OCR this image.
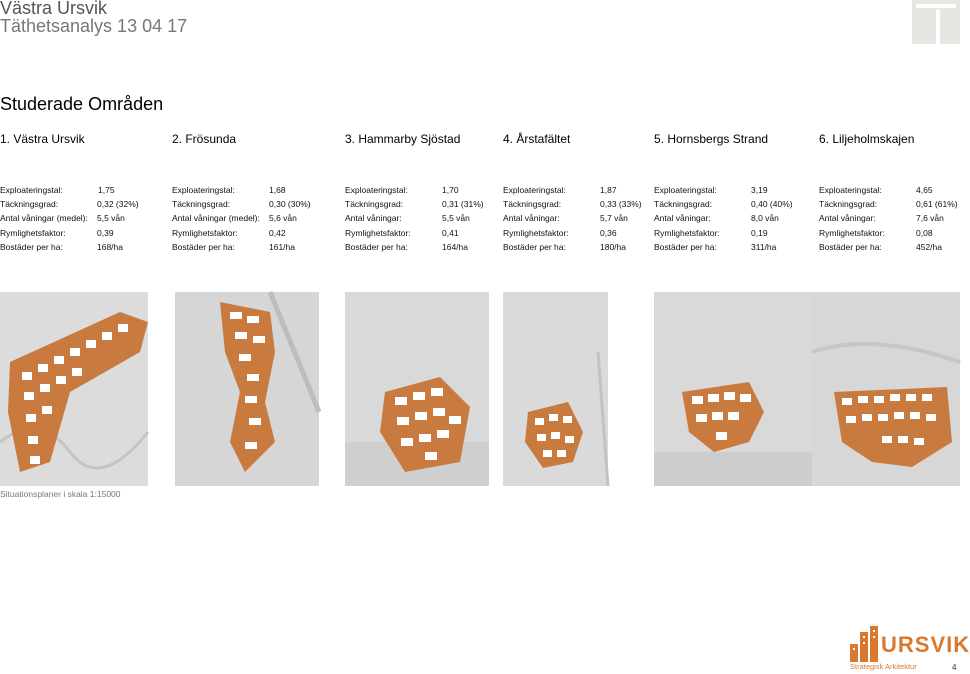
Västra Ursvik
Täthetsanalys 13 04 17
Studerade Områden
1. Västra Ursvik	2. Frösunda	3. Hammarby Sjöstad	4. Årstafältet	5. Hornsbergs Strand	6. Liljeholmskajen
Exploateringstal:	1,75
Täckningsgrad:	0,32 (32%)
Antal våningar (medel):	5,5 vån
Rymlighetsfaktor:	0,39
Bostäder per ha:	168/ha
Exploateringstal:	1,68
Täckningsgrad:	0,30 (30%)
Antal våningar (medel):	5,6 vån
Rymlighetsfaktor:	0,42
Bostäder per ha:	161/ha
Exploateringstal:	1,70
Täckningsgrad:	0,31 (31%)
Antal våningar:	5,5 vån
Rymlighetsfaktor:	0,41
Bostäder per ha:	164/ha
Exploateringstal:	1,87
Täckningsgrad:	0,33 (33%)
Antal våningar:	5,7 vån
Rymlighetsfaktor:	0,36
Bostäder per ha:	180/ha
Exploateringstal:	3,19
Täckningsgrad:	0,40 (40%)
Antal våningar:	8,0 vån
Rymlighetsfaktor:	0,19
Bostäder per ha:	311/ha
Exploateringstal:	4,65
Täckningsgrad:	0,61 (61%)
Antal våningar:	7,6 vån
Rymlighetsfaktor:	0,08
Bostäder per ha:	452/ha
Situationsplaner i skala 1:15000
URSVIK
Strategisk Arkitektur	4
